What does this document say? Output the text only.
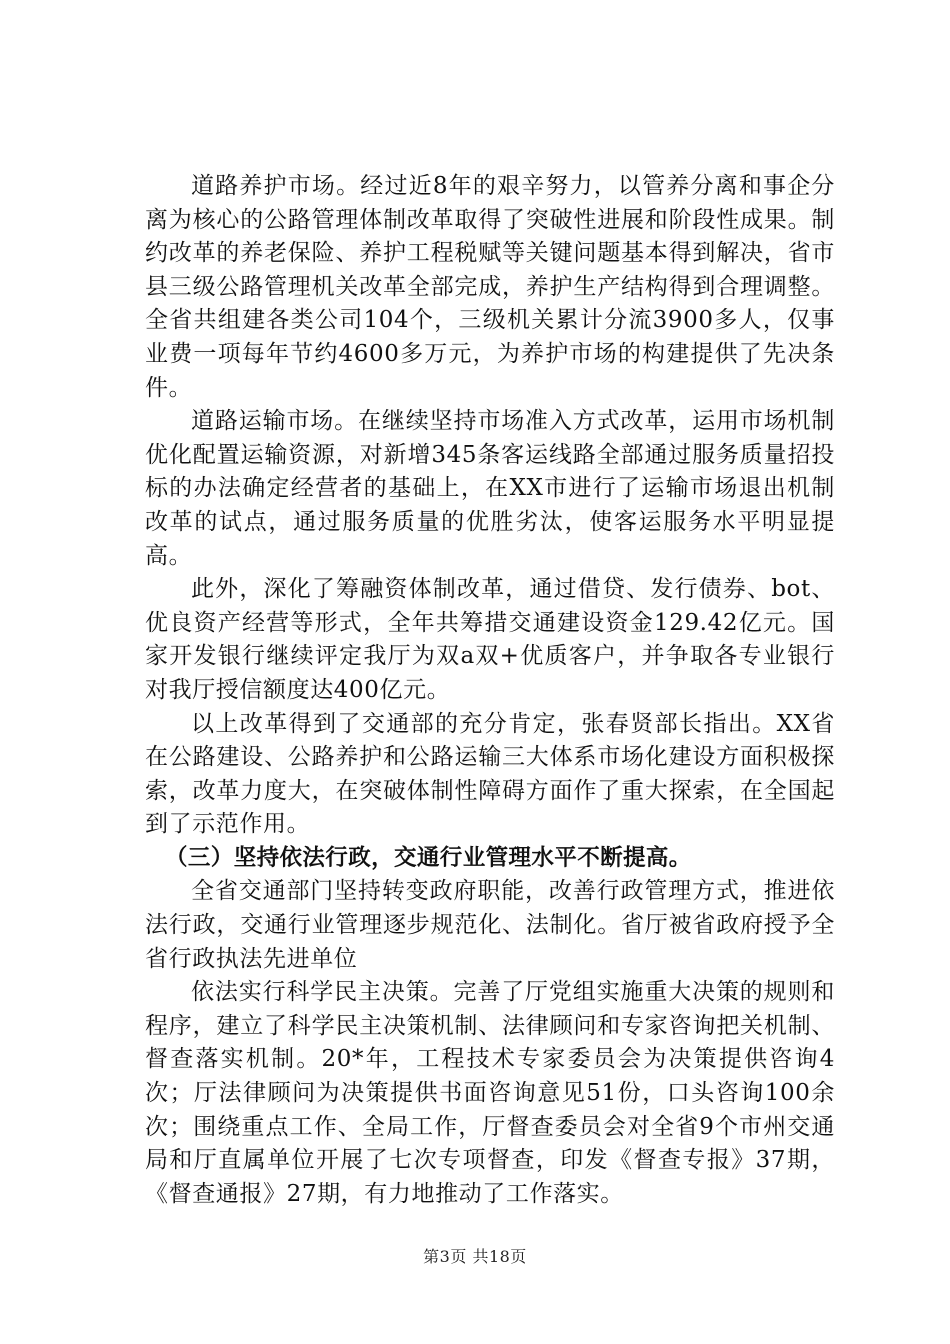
道路养护市场。经过近8年的艰辛努力，以管养分离和事企分离为核心的公路管理体制改革取得了突破性进展和阶段性成果。制约改革的养老保险、养护工程税赋等关键问题基本得到解决，省市县三级公路管理机关改革全部完成，养护生产结构得到合理调整。全省共组建各类公司104个，三级机关累计分流3900多人，仅事业费一项每年节约4600多万元，为养护市场的构建提供了先决条件。

道路运输市场。在继续坚持市场准入方式改革，运用市场机制优化配置运输资源，对新增345条客运线路全部通过服务质量招投标的办法确定经营者的基础上，在XX市进行了运输市场退出机制改革的试点，通过服务质量的优胜劣汰，使客运服务水平明显提高。

此外，深化了筹融资体制改革，通过借贷、发行债券、bot、优良资产经营等形式，全年共筹措交通建设资金129.42亿元。国家开发银行继续评定我厅为双a双+优质客户，并争取各专业银行对我厅授信额度达400亿元。

以上改革得到了交通部的充分肯定，张春贤部长指出。XX省在公路建设、公路养护和公路运输三大体系市场化建设方面积极探索，改革力度大，在突破体制性障碍方面作了重大探索，在全国起到了示范作用。

（三）坚持依法行政，交通行业管理水平不断提高。

全省交通部门坚持转变政府职能，改善行政管理方式，推进依法行政，交通行业管理逐步规范化、法制化。省厅被省政府授予全省行政执法先进单位

依法实行科学民主决策。完善了厅党组实施重大决策的规则和程序，建立了科学民主决策机制、法律顾问和专家咨询把关机制、督查落实机制。20*年，工程技术专家委员会为决策提供咨询4次；厅法律顾问为决策提供书面咨询意见51份，口头咨询100余次；围绕重点工作、全局工作，厅督查委员会对全省9个市州交通局和厅直属单位开展了七次专项督查，印发《督查专报》37期，《督查通报》27期，有力地推动了工作落实。

第3页 共18页
